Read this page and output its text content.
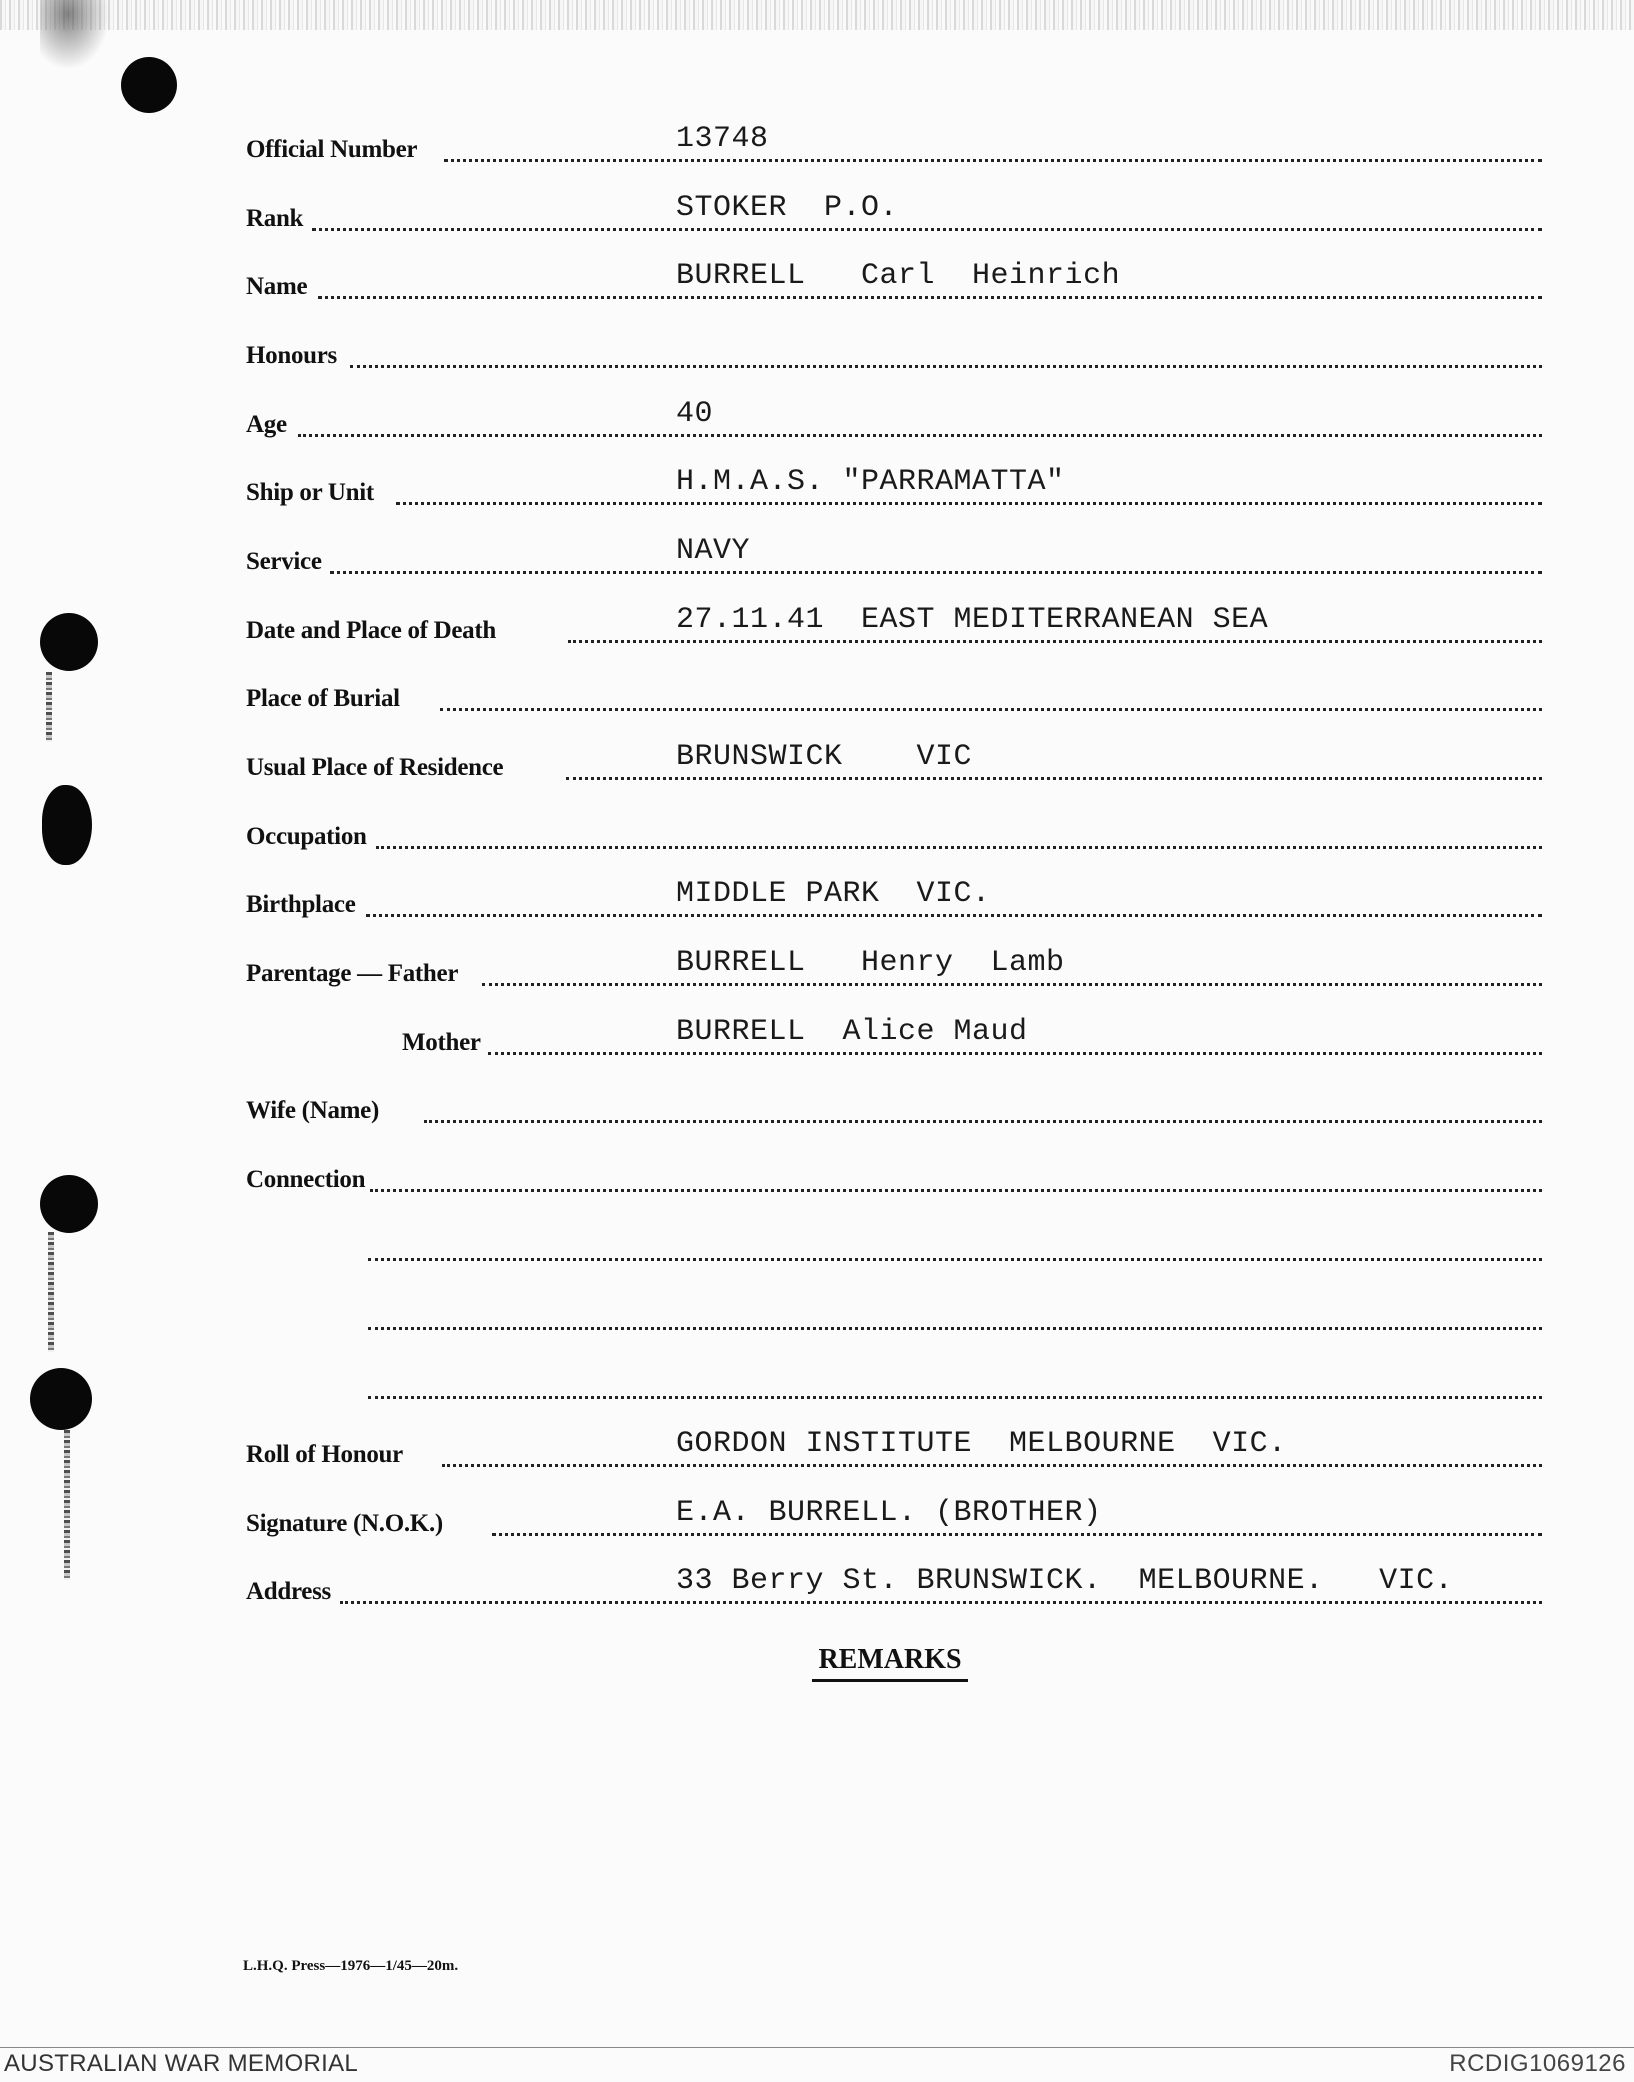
Official Number	13748
Rank	STOKER  P.O.
Name	BURRELL   Carl  Heinrich
Honours
Age	40
Ship or Unit	H.M.A.S. "PARRAMATTA"
Service	NAVY
Date and Place of Death	27.11.41  EAST MEDITERRANEAN SEA
Place of Burial
Usual Place of Residence	BRUNSWICK    VIC
Occupation
Birthplace	MIDDLE PARK  VIC.
Parentage — Father	BURRELL   Henry  Lamb
Mother	BURRELL  Alice Maud
Wife (Name)
Connection
Roll of Honour	GORDON INSTITUTE  MELBOURNE  VIC.
Signature (N.O.K.)	E.A. BURRELL. (BROTHER)
Address	33 Berry St. BRUNSWICK.  MELBOURNE.   VIC.
REMARKS
L.H.Q. Press—1976—1/45—20m.
AUSTRALIAN WAR MEMORIAL	RCDIG1069126
